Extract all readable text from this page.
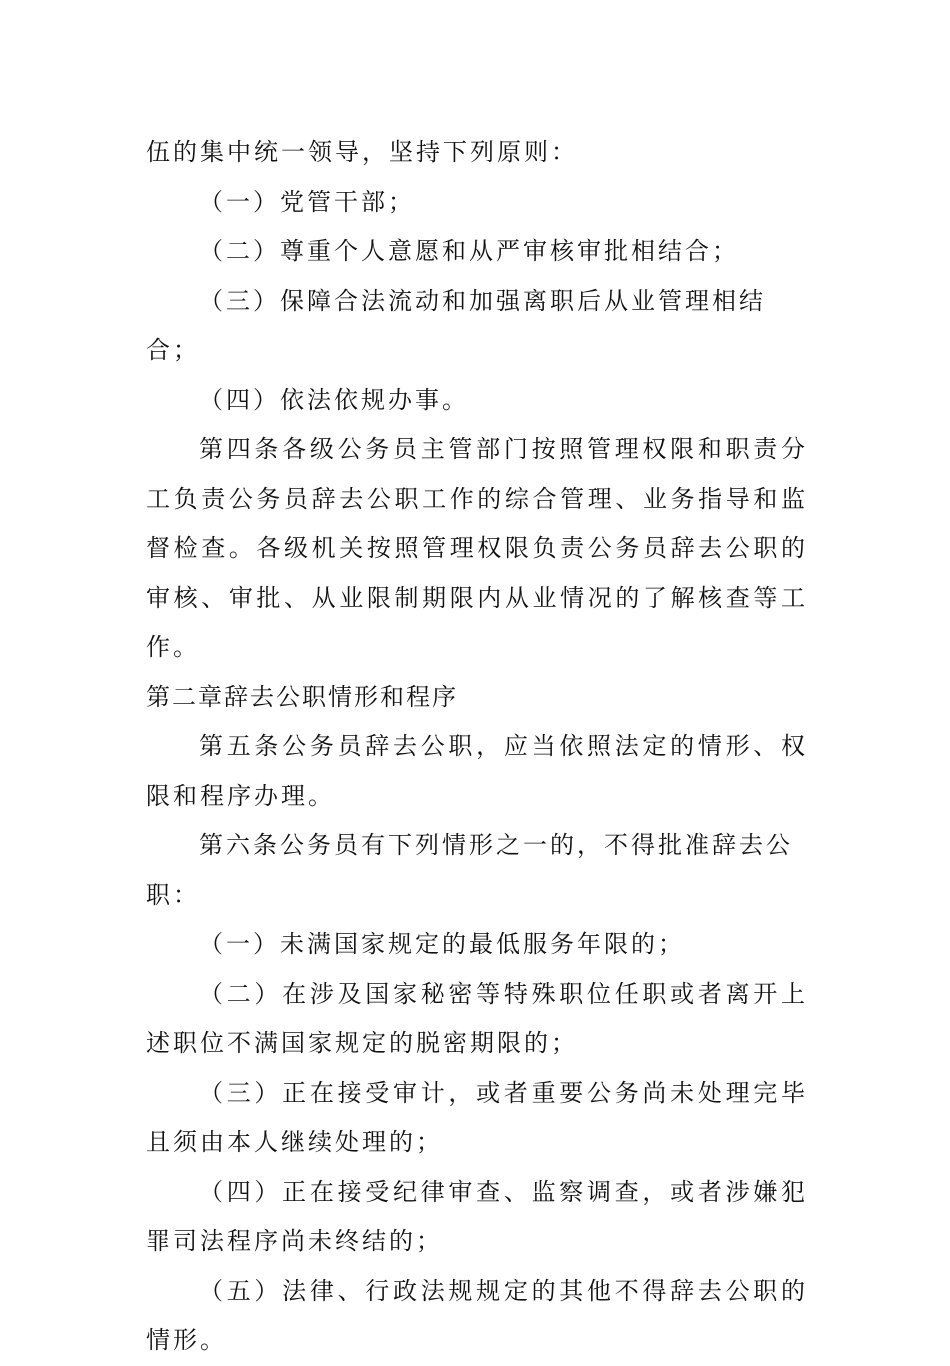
伍的集中统一领导，坚持下列原则：

（一）党管干部；

（二）尊重个人意愿和从严审核审批相结合；

（三）保障合法流动和加强离职后从业管理相结合；

（四）依法依规办事。

第四条各级公务员主管部门按照管理权限和职责分工负责公务员辞去公职工作的综合管理、业务指导和监督检查。各级机关按照管理权限负责公务员辞去公职的审核、审批、从业限制期限内从业情况的了解核查等工作。

第二章辞去公职情形和程序

第五条公务员辞去公职，应当依照法定的情形、权限和程序办理。

第六条公务员有下列情形之一的，不得批准辞去公职：

（一）未满国家规定的最低服务年限的；

（二）在涉及国家秘密等特殊职位任职或者离开上述职位不满国家规定的脱密期限的；

（三）正在接受审计，或者重要公务尚未处理完毕且须由本人继续处理的；

（四）正在接受纪律审查、监察调查，或者涉嫌犯罪司法程序尚未终结的；

（五）法律、行政法规规定的其他不得辞去公职的情形。
